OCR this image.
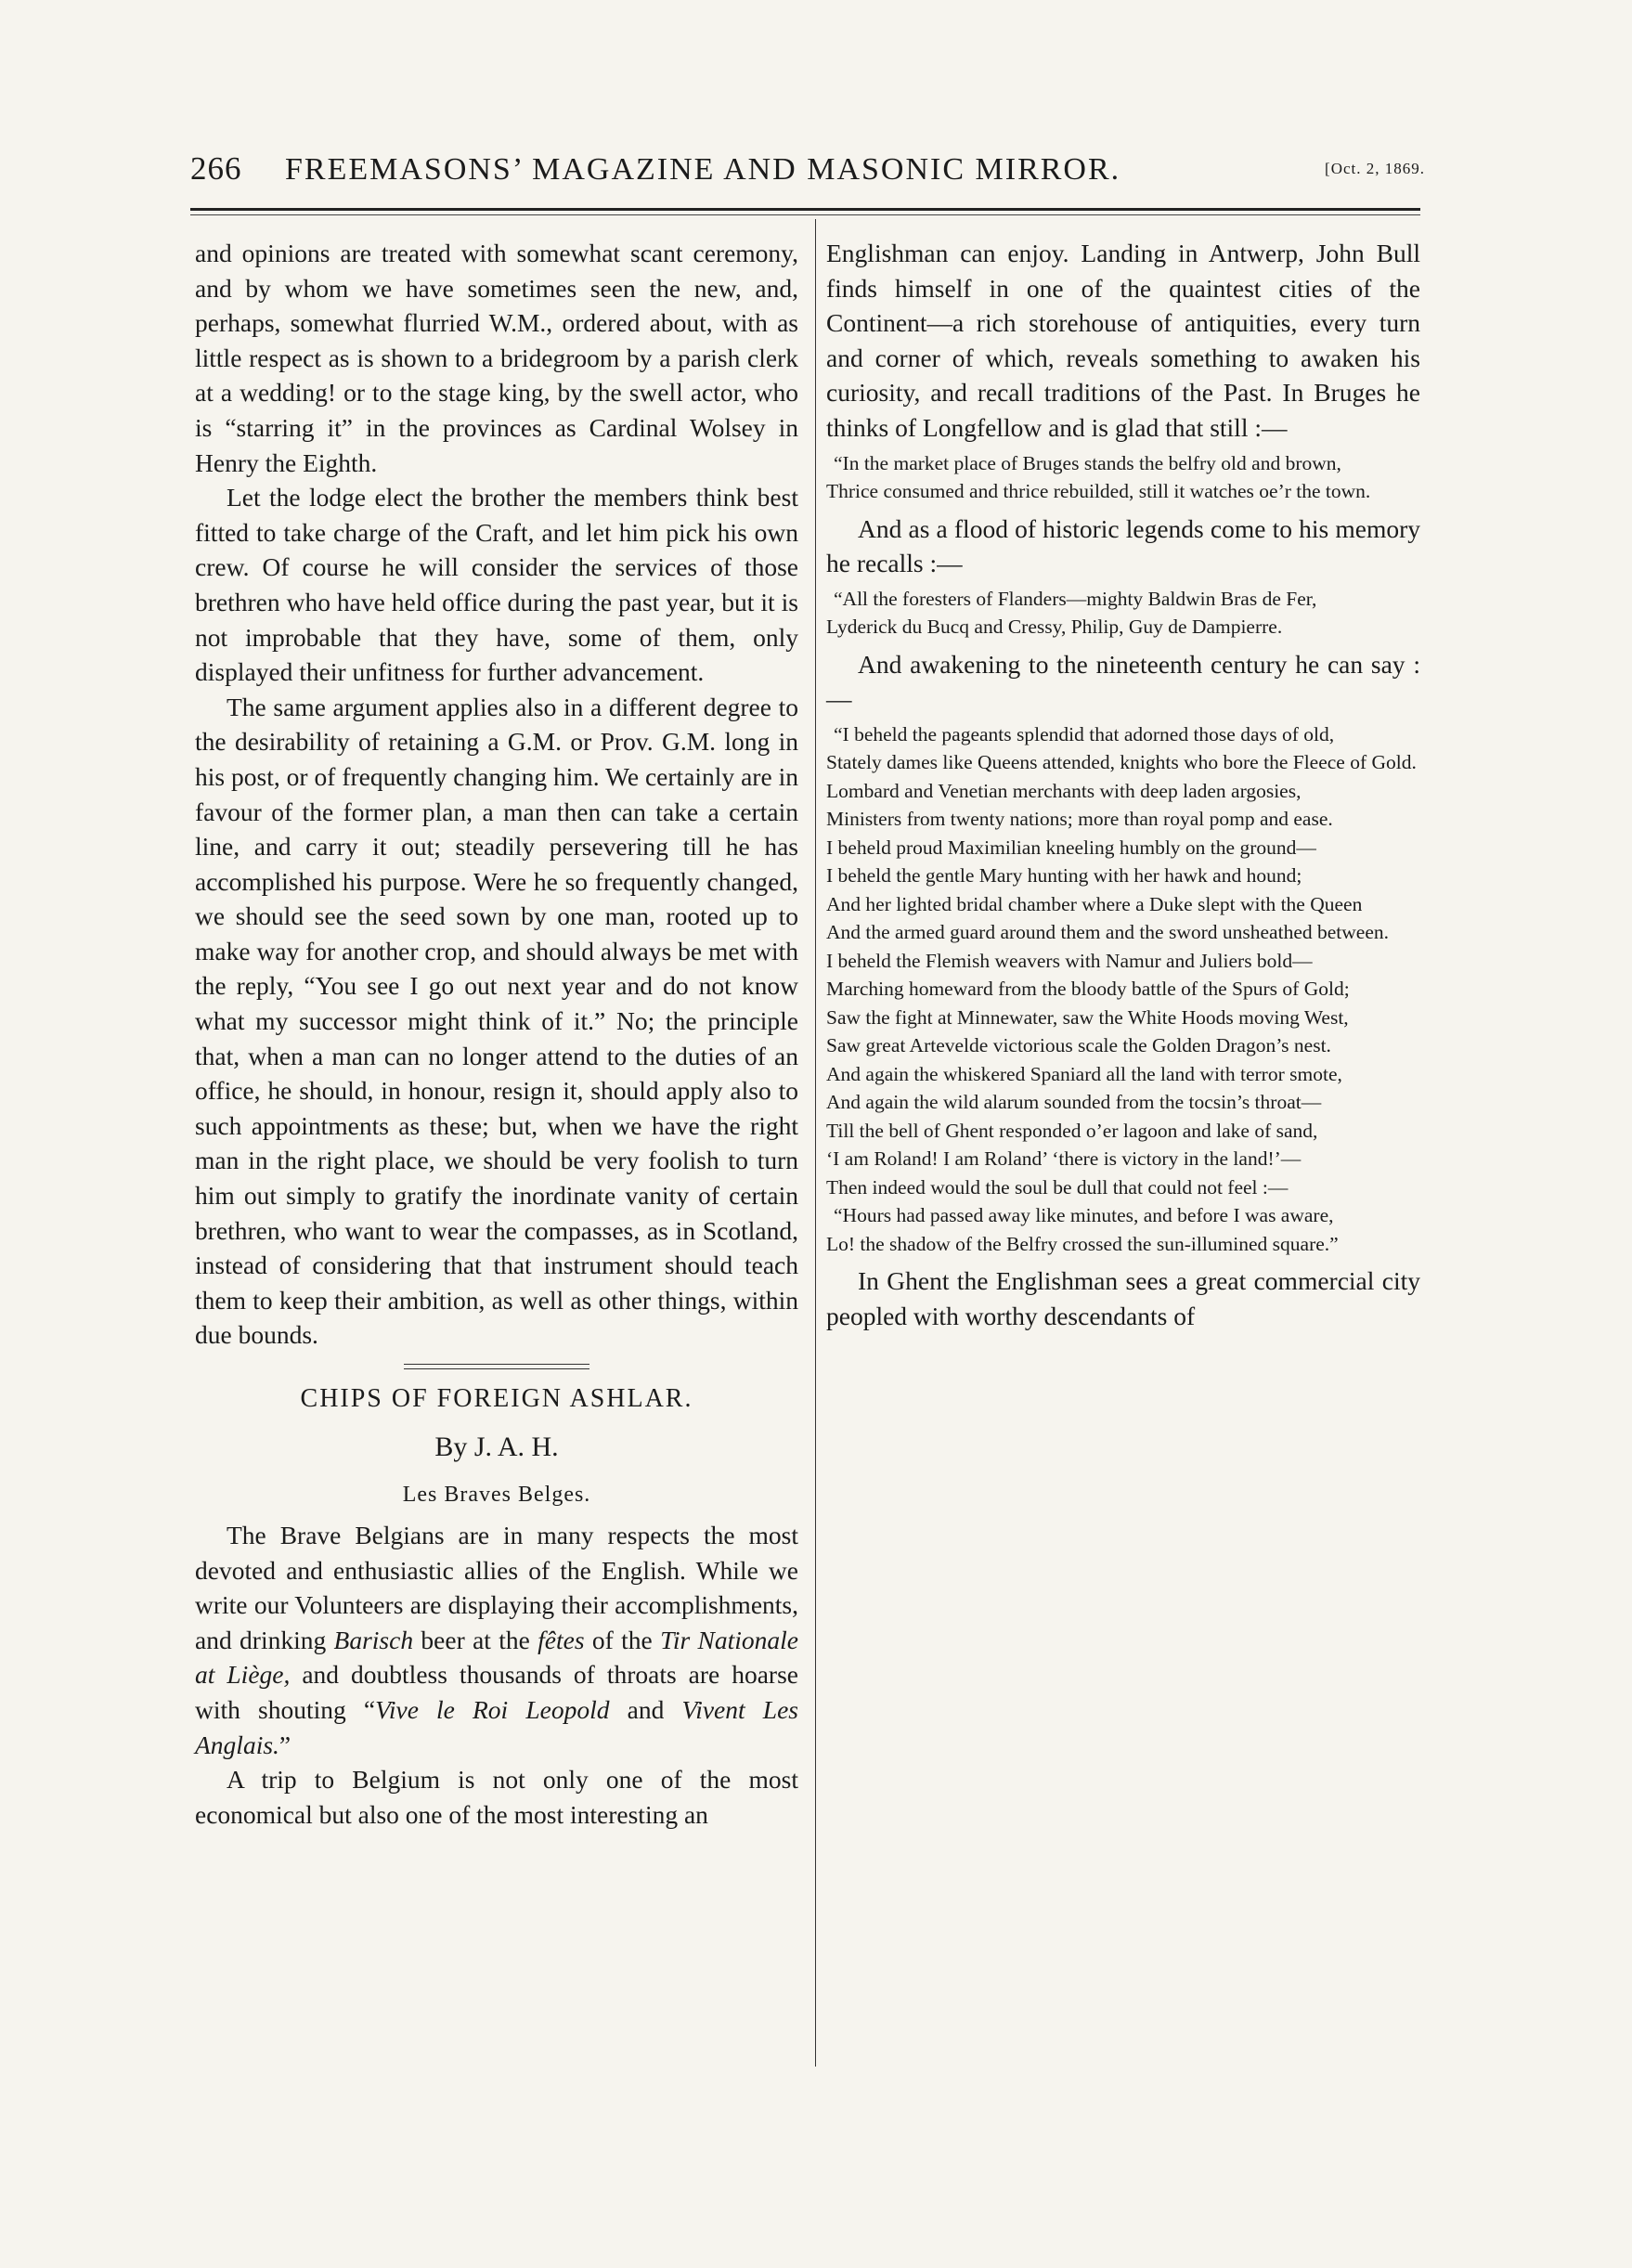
266 FREEMASONS’ MAGAZINE AND MASONIC MIRROR.	[Oct. 2, 1869.

and opinions are treated with somewhat scant ceremony, and by whom we have sometimes seen the new, and, perhaps, somewhat flurried W.M., ordered about, with as little respect as is shown to a bridegroom by a parish clerk at a wedding! or to the stage king, by the swell actor, who is “starring it” in the provinces as Cardinal Wolsey in Henry the Eighth.

Let the lodge elect the brother the members think best fitted to take charge of the Craft, and let him pick his own crew. Of course he will consider the services of those brethren who have held office during the past year, but it is not improbable that they have, some of them, only displayed their unfitness for further advancement.

The same argument applies also in a different degree to the desirability of retaining a G.M. or Prov. G.M. long in his post, or of frequently changing him. We certainly are in favour of the former plan, a man then can take a certain line, and carry it out; steadily persevering till he has accomplished his purpose. Were he so frequently changed, we should see the seed sown by one man, rooted up to make way for another crop, and should always be met with the reply, “You see I go out next year and do not know what my successor might think of it.” No; the principle that, when a man can no longer attend to the duties of an office, he should, in honour, resign it, should apply also to such appointments as these; but, when we have the right man in the right place, we should be very foolish to turn him out simply to gratify the inordinate vanity of certain brethren, who want to wear the compasses, as in Scotland, instead of considering that that instrument should teach them to keep their ambition, as well as other things, within due bounds.

CHIPS OF FOREIGN ASHLAR.
By J. A. H.
Les Braves Belges.

The Brave Belgians are in many respects the most devoted and enthusiastic allies of the English. While we write our Volunteers are displaying their accomplishments, and drinking Barisch beer at the fêtes of the Tir Nationale at Liège, and doubtless thousands of throats are hoarse with shouting “Vive le Roi Leopold and Vivent Les Anglais.”

A trip to Belgium is not only one of the most economical but also one of the most interesting an

Englishman can enjoy. Landing in Antwerp, John Bull finds himself in one of the quaintest cities of the Continent—a rich storehouse of antiquities, every turn and corner of which, reveals something to awaken his curiosity, and recall traditions of the Past. In Bruges he thinks of Longfellow and is glad that still :—

“In the market place of Bruges stands the belfry old and brown,

Thrice consumed and thrice rebuilded, still it watches oe’r the town.

And as a flood of historic legends come to his memory he recalls :—

“All the foresters of Flanders—mighty Baldwin Bras de Fer,

Lyderick du Bucq and Cressy, Philip, Guy de Dampierre.

And awakening to the nineteenth century he can say :—

“I beheld the pageants splendid that adorned those days of old,

Stately dames like Queens attended, knights who bore the Fleece of Gold.

Lombard and Venetian merchants with deep laden argosies,

Ministers from twenty nations; more than royal pomp and ease.

I beheld proud Maximilian kneeling humbly on the ground—

I beheld the gentle Mary hunting with her hawk and hound;

And her lighted bridal chamber where a Duke slept with the Queen

And the armed guard around them and the sword unsheathed between.

I beheld the Flemish weavers with Namur and Juliers bold—

Marching homeward from the bloody battle of the Spurs of Gold;

Saw the fight at Minnewater, saw the White Hoods moving West,

Saw great Artevelde victorious scale the Golden Dragon’s nest.

And again the whiskered Spaniard all the land with terror smote,

And again the wild alarum sounded from the tocsin’s throat—

Till the bell of Ghent responded o’er lagoon and lake of sand,

‘I am Roland! I am Roland’ ‘there is victory in the land!’—

Then indeed would the soul be dull that could not feel :—

“Hours had passed away like minutes, and before I was aware,

Lo! the shadow of the Belfry crossed the sun-illumined square.”

In Ghent the Englishman sees a great commercial city peopled with worthy descendants of
